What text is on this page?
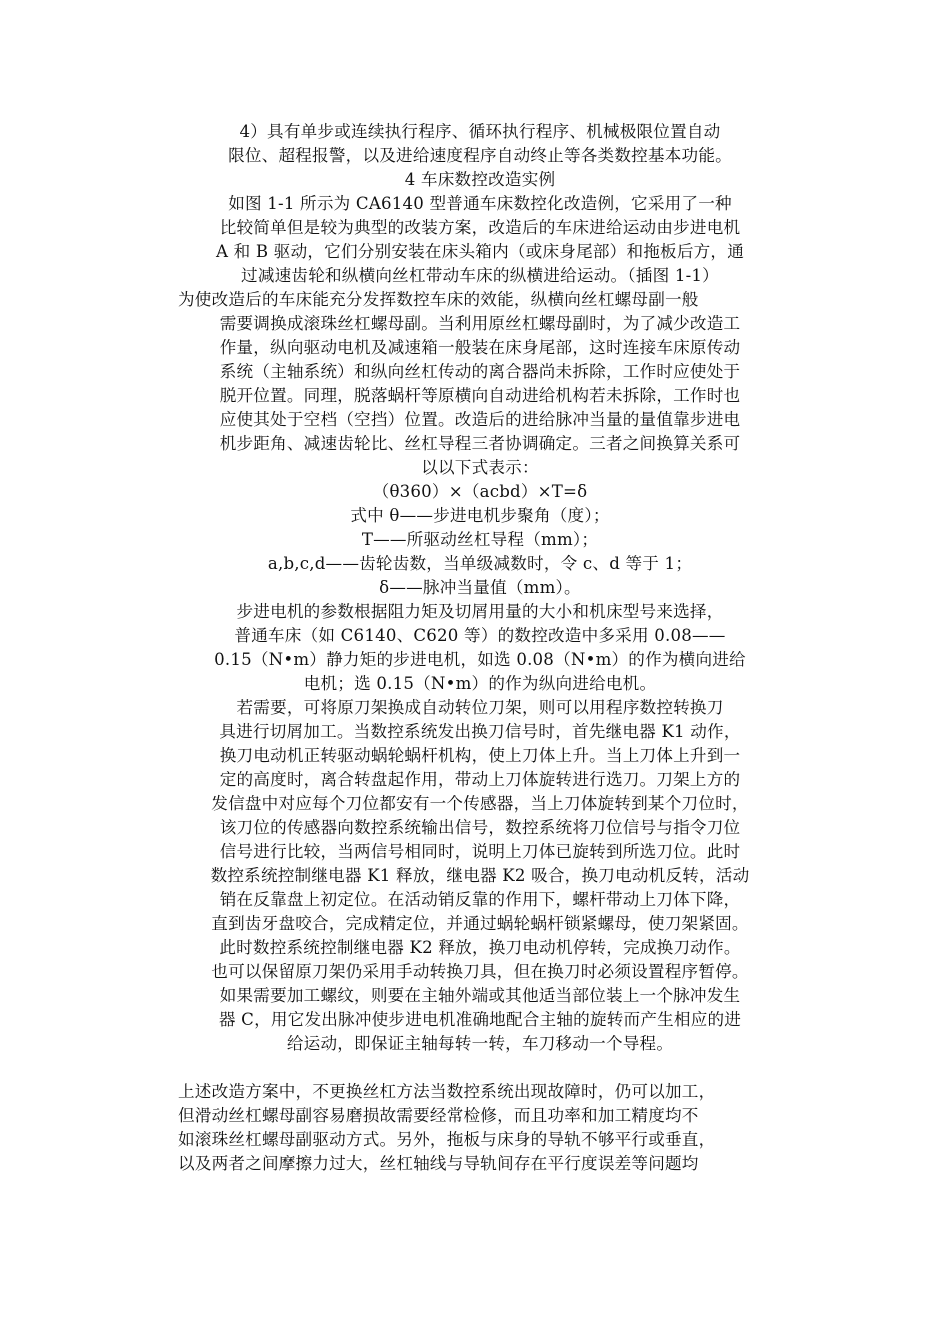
4）具有单步或连续执行程序、循环执行程序、机械极限位置自动
限位、超程报警，以及进给速度程序自动终止等各类数控基本功能。
4 车床数控改造实例
如图 1-1 所示为 CA6140 型普通车床数控化改造例，它采用了一种
比较简单但是较为典型的改装方案，改造后的车床进给运动由步进电机
A 和 B 驱动，它们分别安装在床头箱内（或床身尾部）和拖板后方，通
过减速齿轮和纵横向丝杠带动车床的纵横进给运动。（插图 1-1）
为使改造后的车床能充分发挥数控车床的效能，纵横向丝杠螺母副一般
需要调换成滚珠丝杠螺母副。当利用原丝杠螺母副时，为了减少改造工
作量，纵向驱动电机及减速箱一般装在床身尾部，这时连接车床原传动
系统（主轴系统）和纵向丝杠传动的离合器尚未拆除，工作时应使处于
脱开位置。同理，脱落蜗杆等原横向自动进给机构若未拆除，工作时也
应使其处于空档（空挡）位置。改造后的进给脉冲当量的量值靠步进电
机步距角、减速齿轮比、丝杠导程三者协调确定。三者之间换算关系可
以以下式表示：
（θ360）×（acbd）×T=δ
式中 θ——步进电机步聚角（度）；
T——所驱动丝杠导程（mm）；
a,b,c,d——齿轮齿数，当单级减数时，令 c、d 等于 1；
δ——脉冲当量值（mm）。
步进电机的参数根据阻力矩及切屑用量的大小和机床型号来选择，
普通车床（如 C6140、C620 等）的数控改造中多采用 0.08——
0.15（N•m）静力矩的步进电机，如选 0.08（N•m）的作为横向进给
电机；选 0.15（N•m）的作为纵向进给电机。
若需要，可将原刀架换成自动转位刀架，则可以用程序数控转换刀
具进行切屑加工。当数控系统发出换刀信号时，首先继电器 K1 动作，
换刀电动机正转驱动蜗轮蜗杆机构，使上刀体上升。当上刀体上升到一
定的高度时，离合转盘起作用，带动上刀体旋转进行选刀。刀架上方的
发信盘中对应每个刀位都安有一个传感器，当上刀体旋转到某个刀位时，
该刀位的传感器向数控系统输出信号，数控系统将刀位信号与指令刀位
信号进行比较，当两信号相同时，说明上刀体已旋转到所选刀位。此时
数控系统控制继电器 K1 释放，继电器 K2 吸合，换刀电动机反转，活动
销在反靠盘上初定位。在活动销反靠的作用下，螺杆带动上刀体下降，
直到齿牙盘咬合，完成精定位，并通过蜗轮蜗杆锁紧螺母，使刀架紧固。
此时数控系统控制继电器 K2 释放，换刀电动机停转，完成换刀动作。
也可以保留原刀架仍采用手动转换刀具，但在换刀时必须设置程序暂停。
如果需要加工螺纹，则要在主轴外端或其他适当部位装上一个脉冲发生
器 C，用它发出脉冲使步进电机准确地配合主轴的旋转而产生相应的进
给运动，即保证主轴每转一转，车刀移动一个导程。
上述改造方案中，不更换丝杠方法当数控系统出现故障时，仍可以加工，
但滑动丝杠螺母副容易磨损故需要经常检修，而且功率和加工精度均不
如滚珠丝杠螺母副驱动方式。另外，拖板与床身的导轨不够平行或垂直，
以及两者之间摩擦力过大，丝杠轴线与导轨间存在平行度误差等问题均
